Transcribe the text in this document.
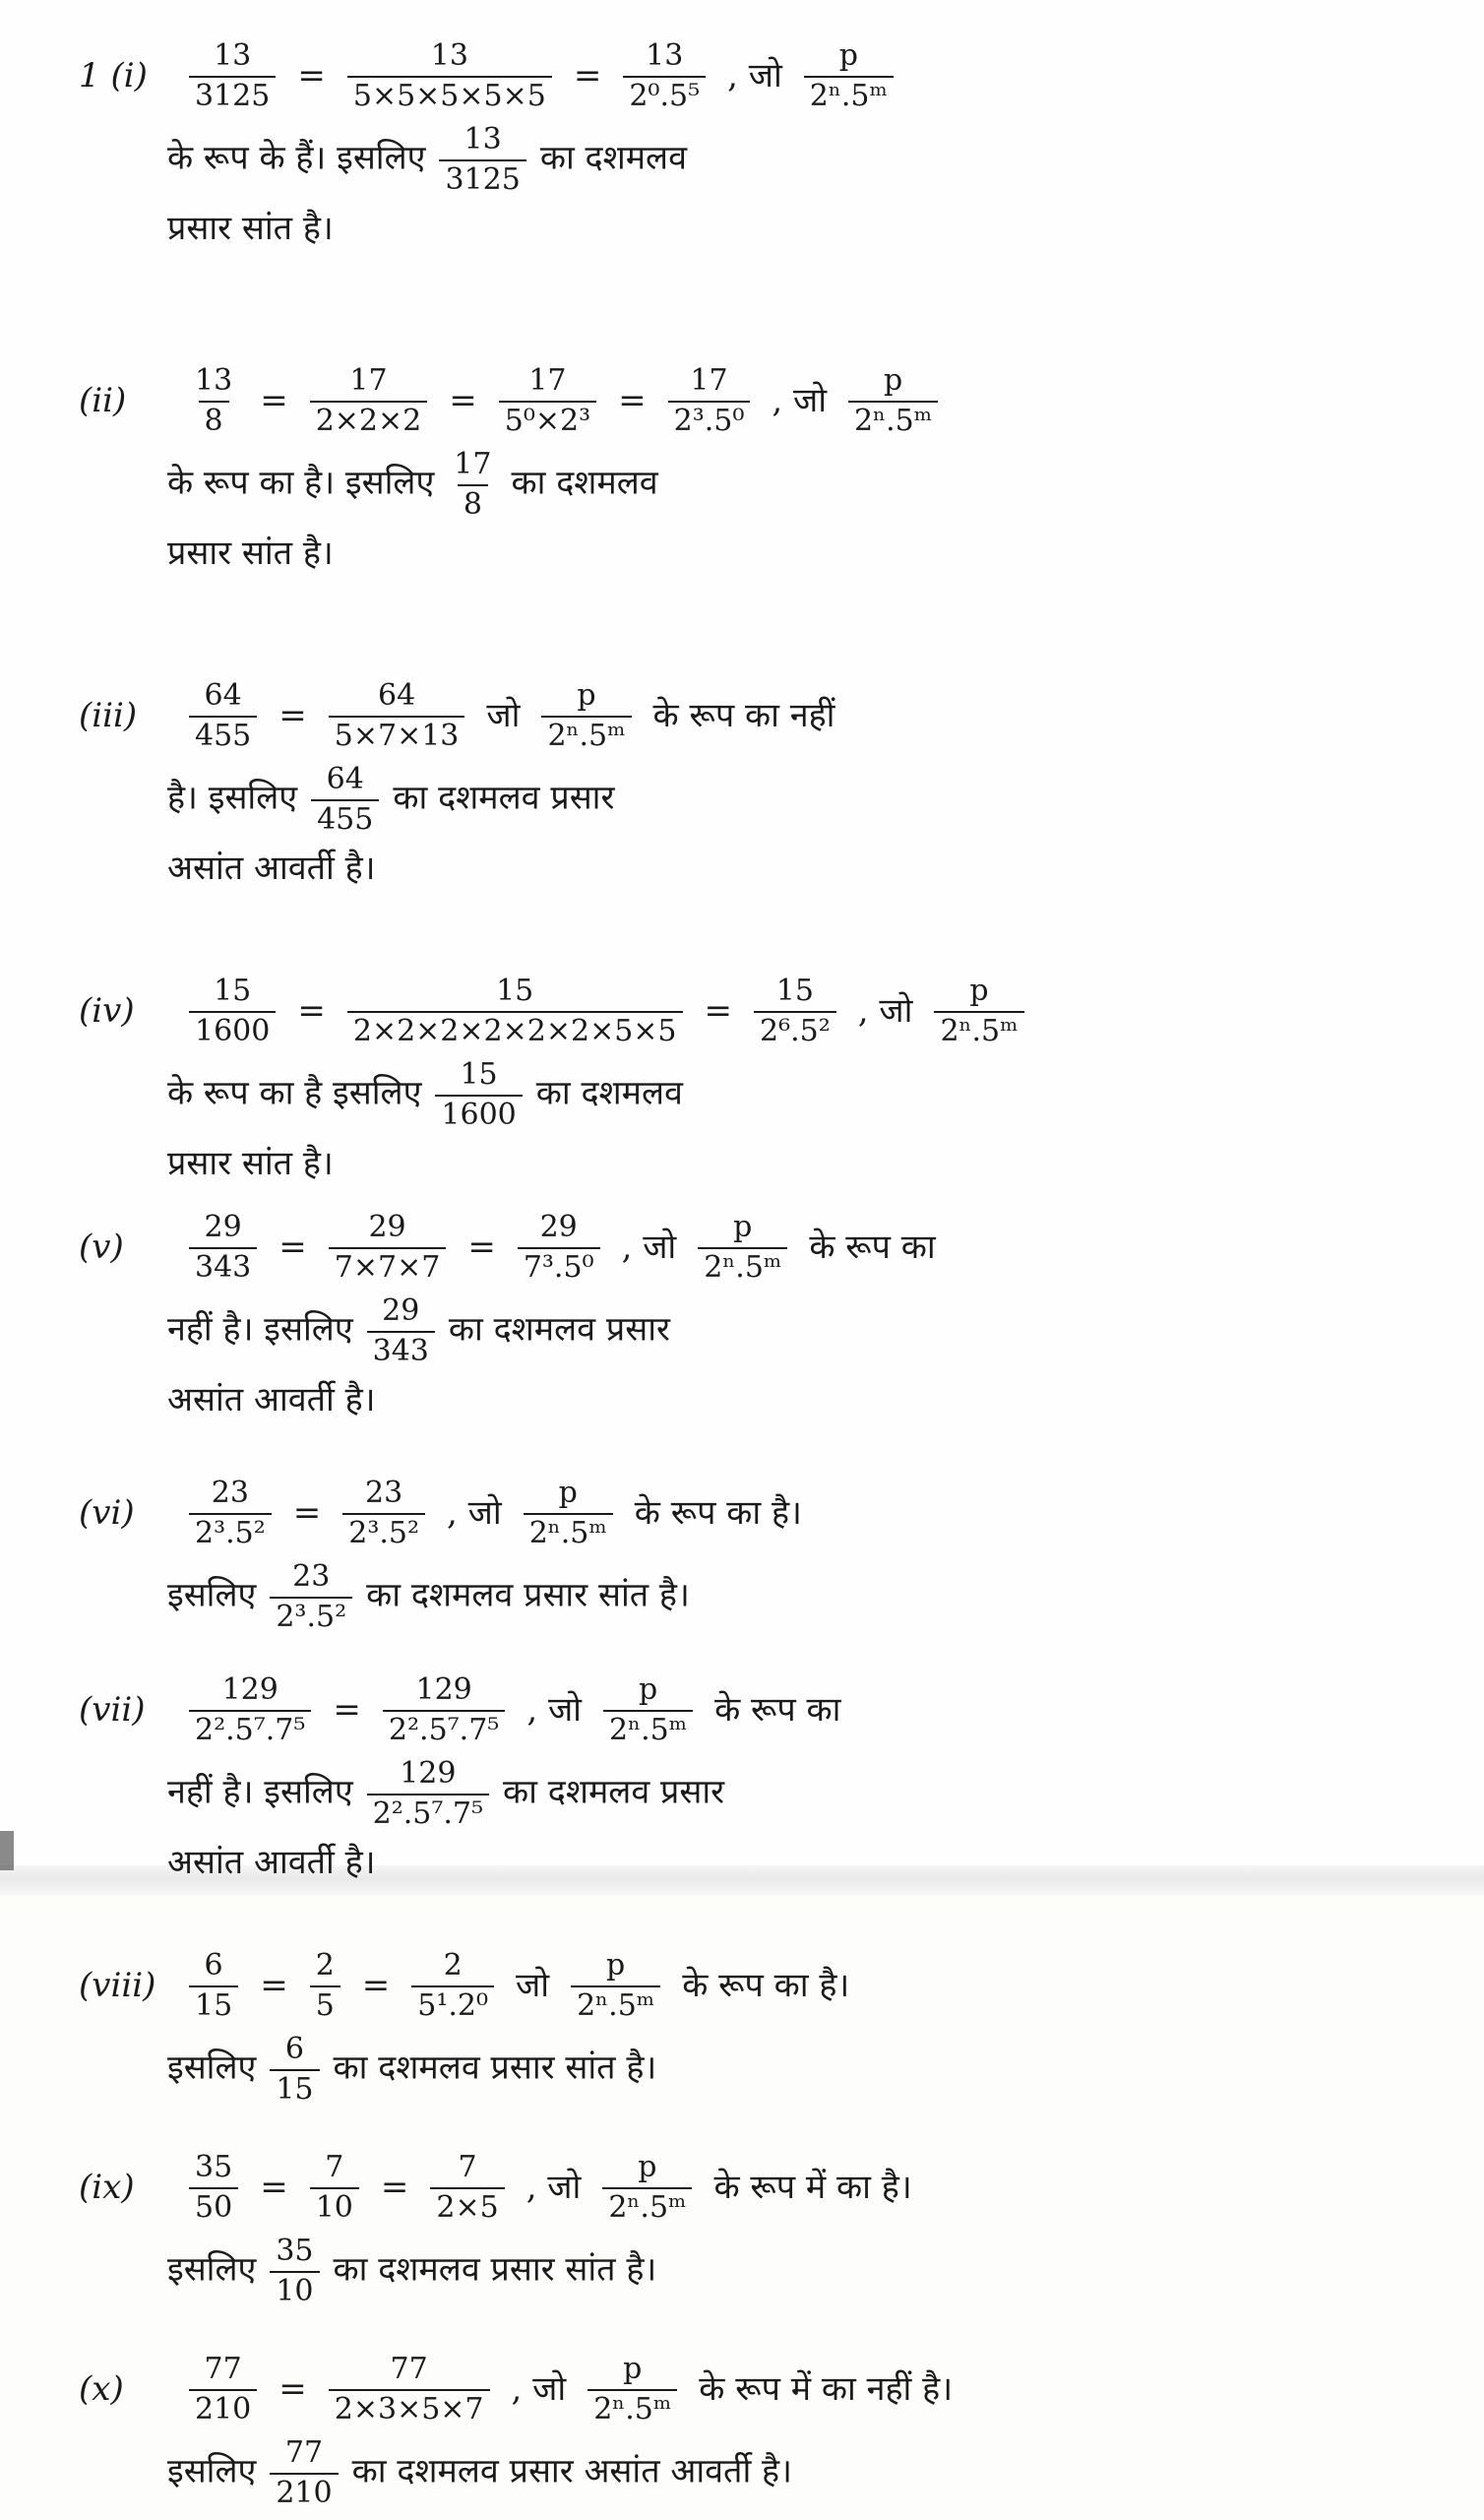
1 (i)	$\frac{13}{3125} = \frac{13}{5\times 5\times 5\times 5\times 5} = \frac{13}{\text{2⁰.5⁵}}$ , जो $\frac{p}{\text{2ⁿ.5ᵐ}}$
के रूप के हैं। इसलिए $\frac{13}{3125}$ का दशमलव
प्रसार सांत है।
(ii)	$\frac{13}{8} = \frac{17}{2\times 2\times 2} = \frac{17}{\text{5⁰×2³}} = \frac{17}{\text{2³.5⁰}}$ , जो $\frac{p}{\text{2ⁿ.5ᵐ}}$
के रूप का है। इसलिए $\frac{17}{8}$ का दशमलव
प्रसार सांत है।
(iii)	$\frac{64}{455} = \frac{64}{5\times 7\times 13}$ जो $\frac{p}{\text{2ⁿ.5ᵐ}}$ के रूप का नहीं
है। इसलिए $\frac{64}{455}$ का दशमलव प्रसार
असांत आवर्ती है।
(iv)	$\frac{15}{1600} = \frac{15}{2\times 2\times 2\times 2\times 2\times 2\times 5\times 5} = \frac{15}{\text{2⁶.5²}}$ , जो $\frac{p}{\text{2ⁿ.5ᵐ}}$
के रूप का है इसलिए $\frac{15}{1600}$ का दशमलव
प्रसार सांत है।
(v)	$\frac{29}{343} = \frac{29}{7\times 7\times 7} = \frac{29}{\text{7³.5⁰}}$ , जो $\frac{p}{\text{2ⁿ.5ᵐ}}$ के रूप का
नहीं है। इसलिए $\frac{29}{343}$ का दशमलव प्रसार
असांत आवर्ती है।
(vi)	$\frac{23}{\text{2³.5²}} = \frac{23}{\text{2³.5²}}$ , जो $\frac{p}{\text{2ⁿ.5ᵐ}}$ के रूप का है।
इसलिए $\frac{23}{\text{2³.5²}}$ का दशमलव प्रसार सांत है।
(vii)	$\frac{129}{\text{2².5⁷.7⁵}} = \frac{129}{\text{2².5⁷.7⁵}}$ , जो $\frac{p}{\text{2ⁿ.5ᵐ}}$ के रूप का
नहीं है। इसलिए $\frac{129}{\text{2².5⁷.7⁵}}$ का दशमलव प्रसार
असांत आवर्ती है।
(viii) $\frac{6}{15} = \frac{2}{5} = \frac{2}{\text{5¹.2⁰}}$ जो $\frac{p}{\text{2ⁿ.5ᵐ}}$ के रूप का है।
इसलिए $\frac{6}{15}$ का दशमलव प्रसार सांत है।
(ix)	$\frac{35}{50} = \frac{7}{10} = \frac{7}{2\times 5}$ , जो $\frac{p}{\text{2ⁿ.5ᵐ}}$ के रूप में का है।
इसलिए $\frac{35}{10}$ का दशमलव प्रसार सांत है।
(x)	$\frac{77}{210} = \frac{77}{2\times 3\times 5\times 7}$ , जो $\frac{p}{\text{2ⁿ.5ᵐ}}$ के रूप में का नहीं है।
इसलिए $\frac{77}{210}$ का दशमलव प्रसार असांत आवर्ती है।
